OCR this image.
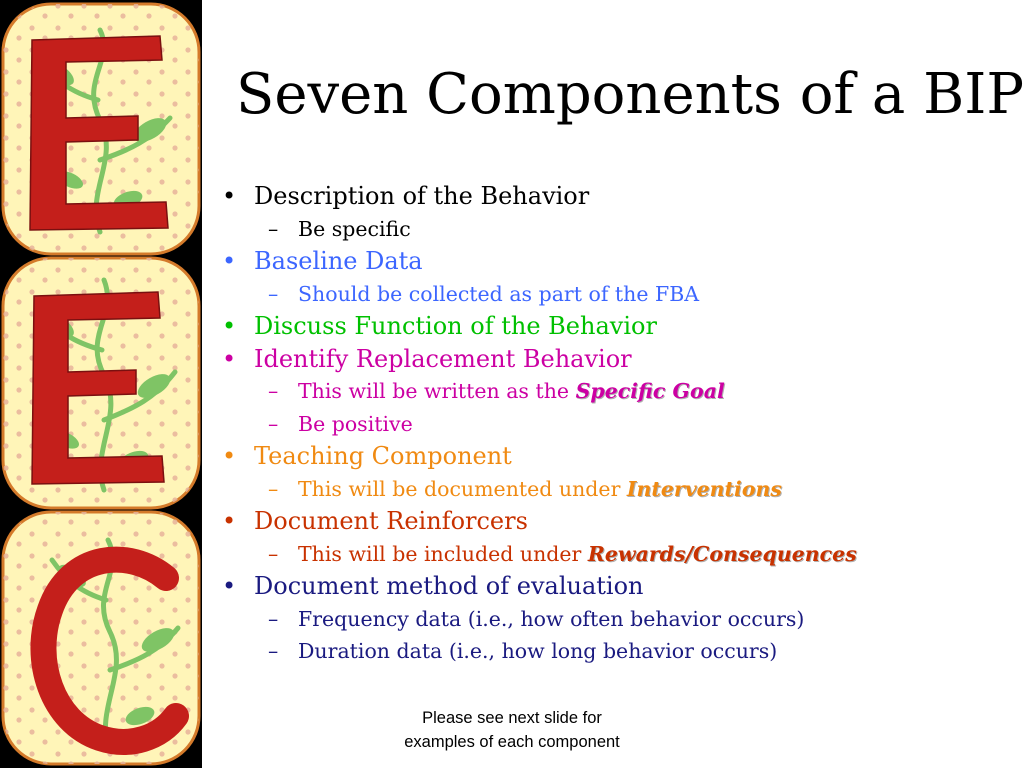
Seven Components of a BIP
• Description of the Behavior
– Be specific
• Baseline Data
– Should be collected as part of the FBA
• Discuss Function of the Behavior
• Identify Replacement Behavior
– This will be written as the Specific Goal
– Be positive
• Teaching Component
– This will be documented under Interventions
• Document Reinforcers
– This will be included under Rewards/Consequences
• Document method of evaluation
– Frequency data (i.e., how often behavior occurs)
– Duration data (i.e., how long behavior occurs)
Please see next slide for
examples of each component
